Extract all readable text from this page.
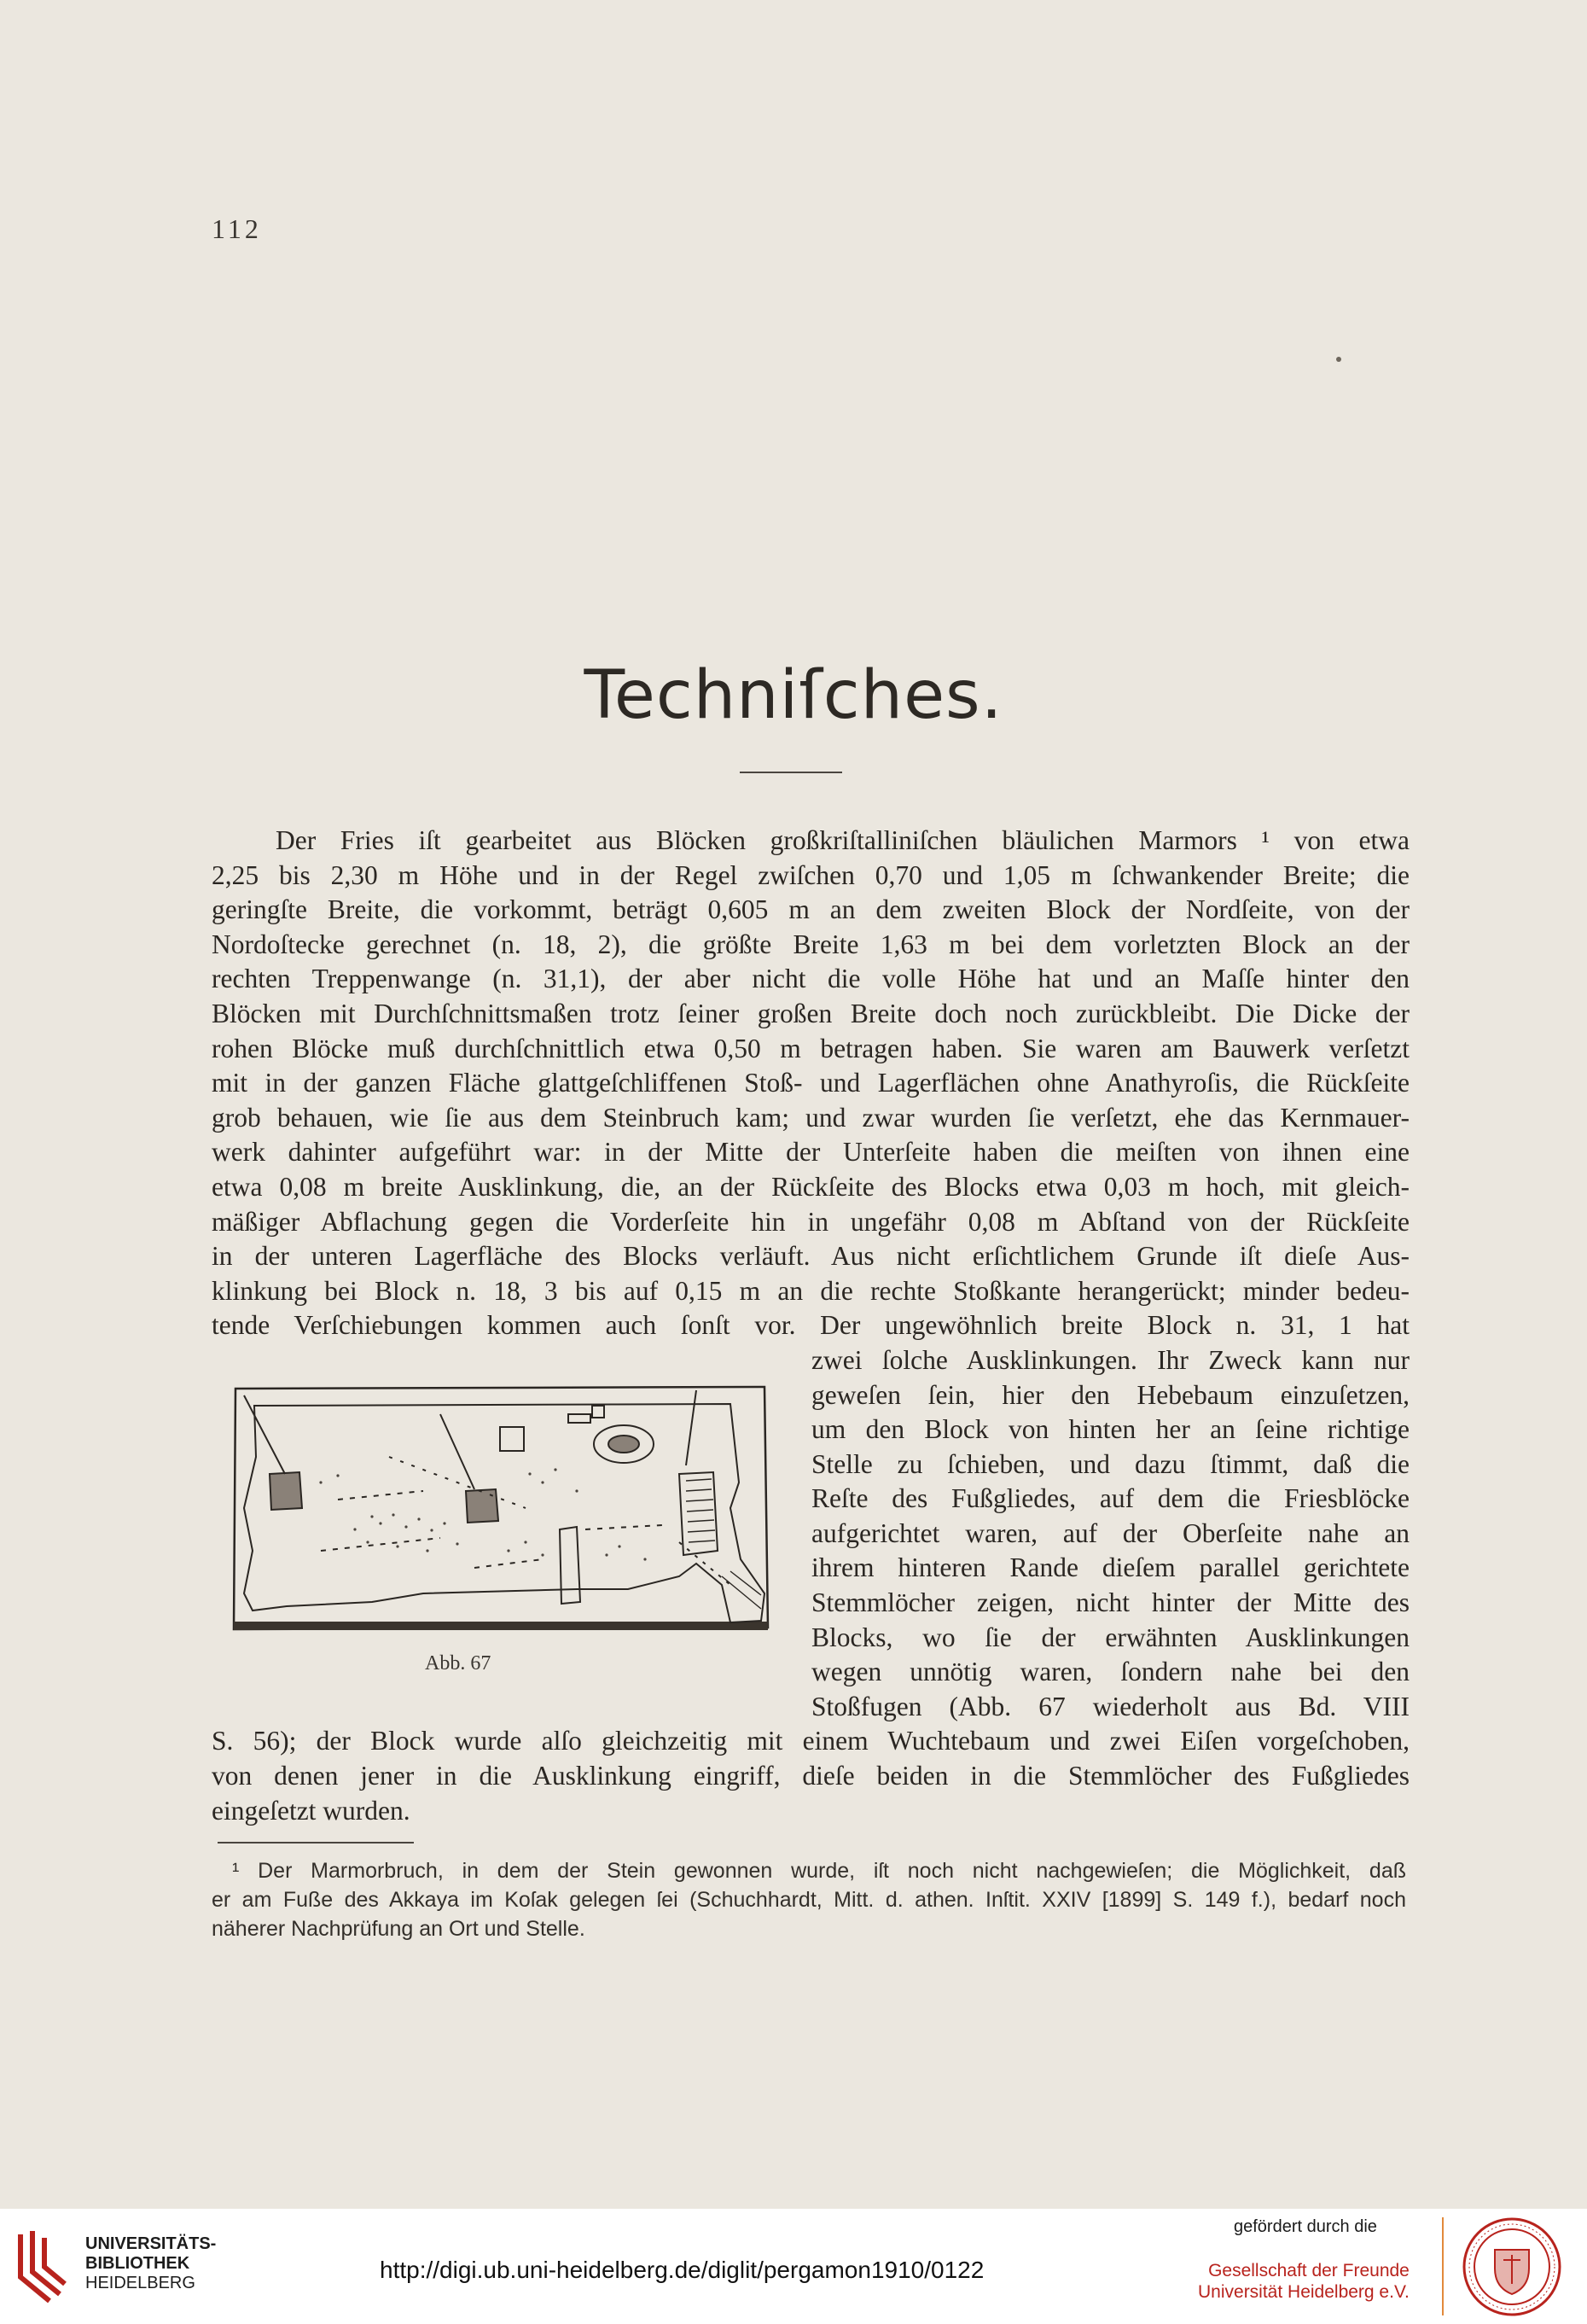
112
Techniſches.
Der Fries iſt gearbeitet aus Blöcken großkriſtalliniſchen bläulichen Marmors ¹ von etwa
2,25 bis 2,30 m Höhe und in der Regel zwiſchen 0,70 und 1,05 m ſchwankender Breite; die
geringſte Breite, die vorkommt, beträgt 0,605 m an dem zweiten Block der Nordſeite, von der
Nordoſtecke gerechnet (n. 18, 2), die größte Breite 1,63 m bei dem vorletzten Block an der
rechten Treppenwange (n. 31,1), der aber nicht die volle Höhe hat und an Maſſe hinter den
Blöcken mit Durchſchnittsmaßen trotz ſeiner großen Breite doch noch zurückbleibt. Die Dicke der
rohen Blöcke muß durchſchnittlich etwa 0,50 m betragen haben. Sie waren am Bauwerk verſetzt
mit in der ganzen Fläche glattgeſchliffenen Stoß- und Lagerflächen ohne Anathyroſis, die Rückſeite
grob behauen, wie ſie aus dem Steinbruch kam; und zwar wurden ſie verſetzt, ehe das Kernmauer-
werk dahinter aufgeführt war: in der Mitte der Unterſeite haben die meiſten von ihnen eine
etwa 0,08 m breite Ausklinkung, die, an der Rückſeite des Blocks etwa 0,03 m hoch, mit gleich-
mäßiger Abflachung gegen die Vorderſeite hin in ungefähr 0,08 m Abſtand von der Rückſeite
in der unteren Lagerfläche des Blocks verläuft. Aus nicht erſichtlichem Grunde iſt dieſe Aus-
klinkung bei Block n. 18, 3 bis auf 0,15 m an die rechte Stoßkante herangerückt; minder bedeu-
tende Verſchiebungen kommen auch ſonſt vor. Der ungewöhnlich breite Block n. 31, 1 hat
zwei ſolche Ausklinkungen. Ihr Zweck kann nur
geweſen ſein, hier den Hebebaum einzuſetzen,
um den Block von hinten her an ſeine richtige
Stelle zu ſchieben, und dazu ſtimmt, daß die
Reſte des Fußgliedes, auf dem die Friesblöcke
aufgerichtet waren, auf der Oberſeite nahe an
ihrem hinteren Rande dieſem parallel gerichtete
Stemmlöcher zeigen, nicht hinter der Mitte des
Blocks, wo ſie der erwähnten Ausklinkungen
wegen unnötig waren, ſondern nahe bei den
Stoßfugen (Abb. 67 wiederholt aus Bd. VIII
S. 56); der Block wurde alſo gleichzeitig mit einem Wuchtebaum und zwei Eiſen vorgeſchoben,
von denen jener in die Ausklinkung eingriff, dieſe beiden in die Stemmlöcher des Fußgliedes
eingeſetzt wurden.
Abb. 67
¹ Der Marmorbruch, in dem der Stein gewonnen wurde, iſt noch nicht nachgewieſen; die Möglichkeit, daß
er am Fuße des Akkaya im Koſak gelegen ſei (Schuchhardt, Mitt. d. athen. Inſtit. XXIV [1899] S. 149 f.), bedarf noch
näherer Nachprüfung an Ort und Stelle.
UNIVERSITÄTS-
BIBLIOTHEK
HEIDELBERG	http://digi.ub.uni-heidelberg.de/diglit/pergamon1910/0122
gefördert durch die
Gesellschaft der Freunde
Universität Heidelberg e.V.
